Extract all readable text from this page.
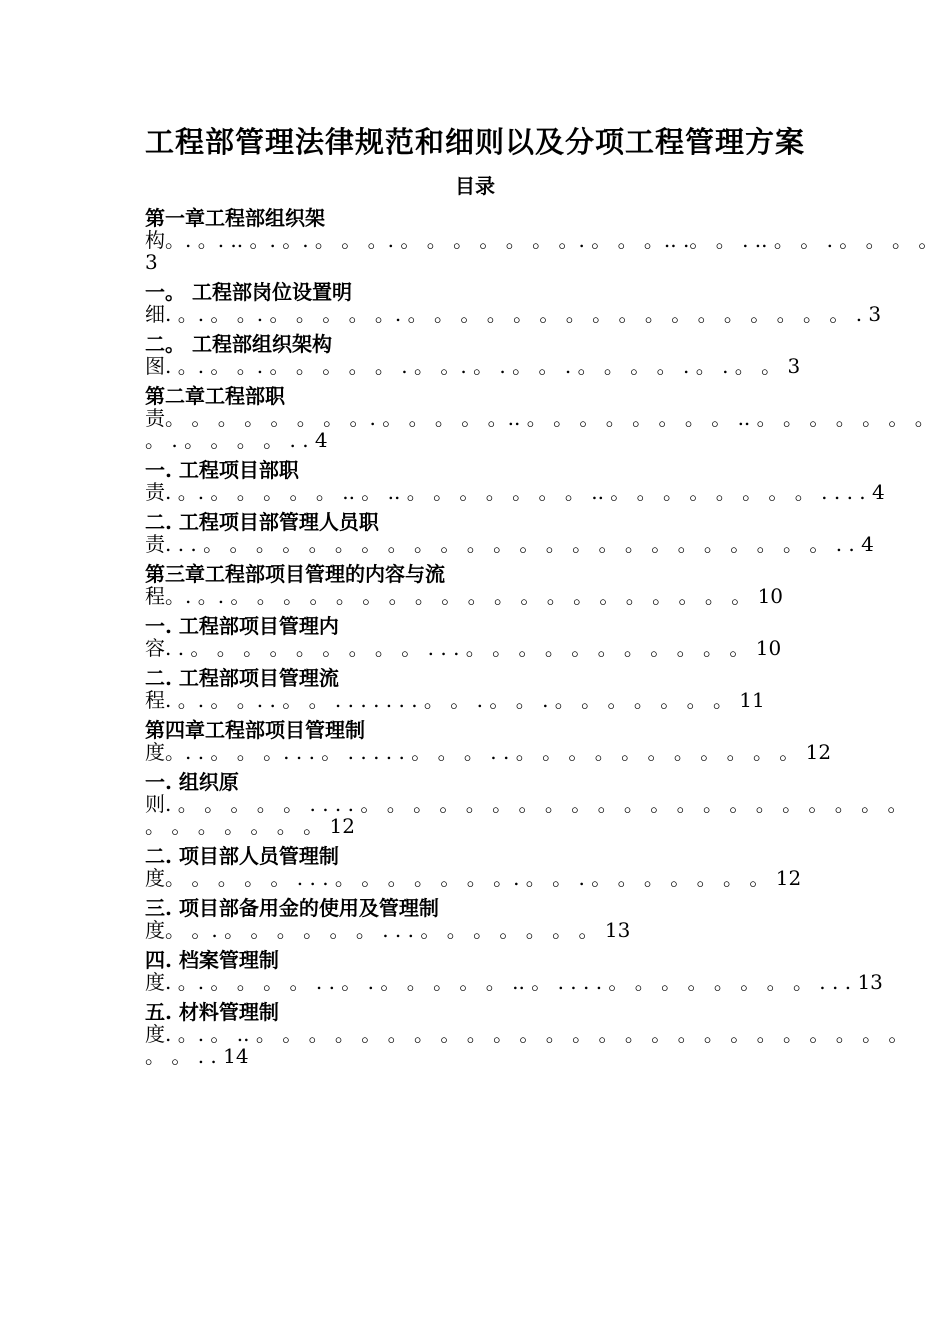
工程部管理法律规范和细则以及分项工程管理方案
目录
第一章工程部组织架
构。. 。. .. 。. 。. 。 。 。. 。 。 。 。 。 。 。. 。 。 。.. .。 。 . .. 。 。 . 。 。 。 。
3
一。 工程部岗位设置明
细. 。. 。 。. 。 。 。 。 。. 。 。 。 。 。 。 。 。 。 。 。 。 。 。 。 。 。 . 3
二。 工程部组织架构
图. 。. 。 。. 。 。 。 。 。 . 。 。. 。 . 。 。 . 。 。 。 。 . 。 . 。 。 3
第二章工程部职
责。 。 。 。 。 。 。 。. 。 。 。 。 。.. 。 。 。 。 。 。 。 。 .. 。 。 。 。 。 。 。
。 . 。 。 。 。 . . 4
一. 工程项目部职
责. 。. 。 。 。 。 。 .. 。 .. 。 。 。 。 。 。 。 .. 。 。 。 。 。 。 。 。 . . . . 4
二. 工程项目部管理人员职
责. . . 。 。 。 。 。 。 。 。 。 。 。 。 。 。 。 。 。 。 。 。 。 。 。 。 . . 4
第三章工程部项目管理的内容与流
程。. 。. 。 。 。 。 。 。 。 。 。 。 。 。 。 。 。 。 。 。 。 。 10
一. 工程部项目管理内
容. . 。 。 。 。 。 。 。 。 。 . . . 。 。 。 。 。 。 。 。 。 。 。 10
二. 工程部项目管理流
程. 。. 。 。. . 。 。 . . . . . . . 。 。 . 。 。 . 。 。 。 。 。 。 。 11
第四章工程部项目管理制
度。. . 。 。 。. . . 。 . . . . . 。 。 。 . . 。 。 。 。 。 。 。 。 。 。 。 12
一. 组织原
则. 。 。 。 。 。 . . . . 。 。 。 。 。 。 。 。 。 。 。 。 。 。 。 。 。 。 。 。 。
。 。 。 。 。 。 。 12
二. 项目部人员管理制
度。 。 。 。 。 . . . 。 。 。 。 。 。 。. 。 。 . 。 。 。 。 。 。 。 12
三. 项目部备用金的使用及管理制
度。 。. 。 。 。 。 。 。 . . . 。 。 。 。 。 。 。 13
四. 档案管理制
度. 。. 。 。 。 。 . . 。 . 。 。 。 。 。 .. 。 . . . . 。 。 。 。 。 。 。 。 . . . 13
五. 材料管理制
度. 。. 。 .. 。 。 。 。 。 。 。 。 。 。 。 。 。 。 。 。 。 。 。 。 。 。 。 。 。
。 。 . . 14
